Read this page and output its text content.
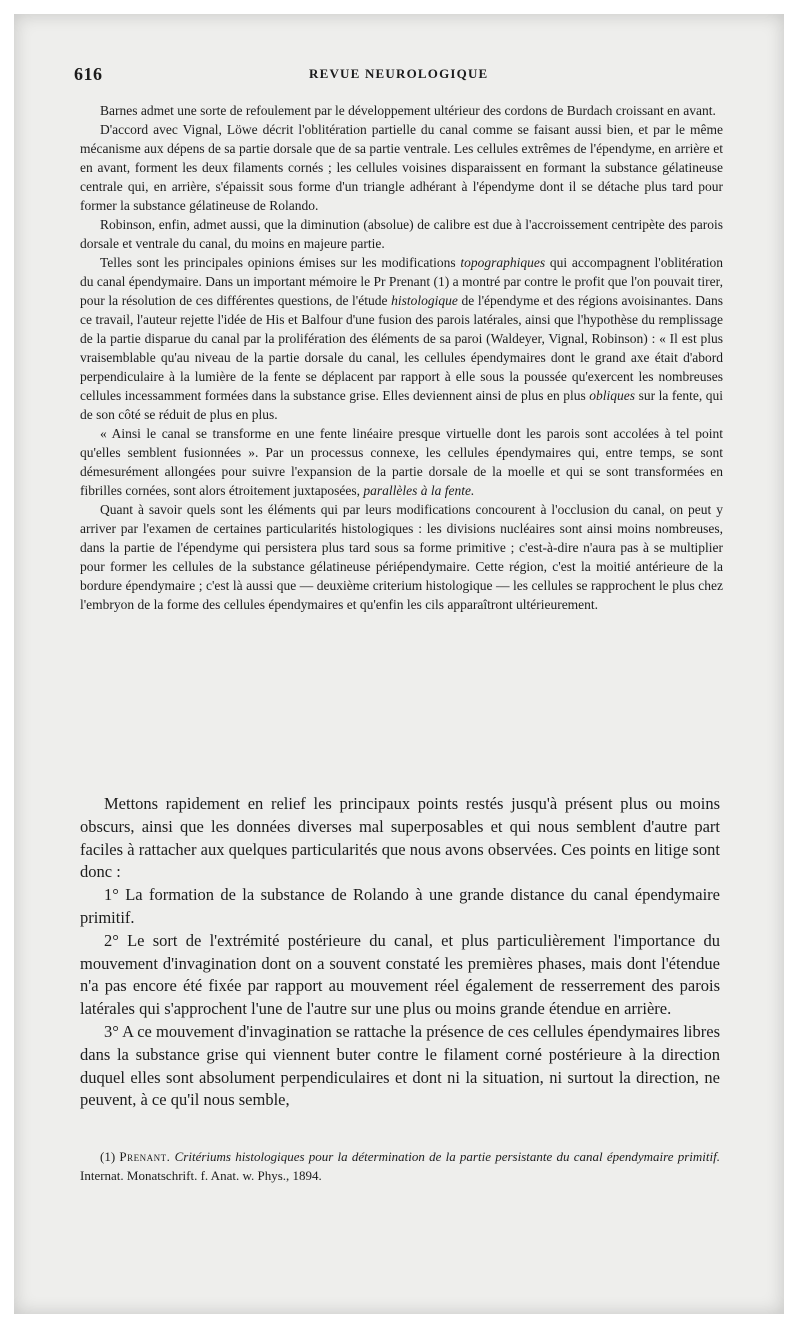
616	REVUE NEUROLOGIQUE

Barnes admet une sorte de refoulement par le développement ultérieur des cordons de Burdach croissant en avant.

D'accord avec Vignal, Löwe décrit l'oblitération partielle du canal comme se faisant aussi bien, et par le même mécanisme aux dépens de sa partie dorsale que de sa partie ventrale. Les cellules extrêmes de l'épendyme, en arrière et en avant, forment les deux filaments cornés ; les cellules voisines disparaissent en formant la substance gélatineuse centrale qui, en arrière, s'épaissit sous forme d'un triangle adhérant à l'épendyme dont il se détache plus tard pour former la substance gélatineuse de Rolando.

Robinson, enfin, admet aussi, que la diminution (absolue) de calibre est due à l'accroissement centripète des parois dorsale et ventrale du canal, du moins en majeure partie.

Telles sont les principales opinions émises sur les modifications topographiques qui accompagnent l'oblitération du canal épendymaire. Dans un important mémoire le Pr Prenant (1) a montré par contre le profit que l'on pouvait tirer, pour la résolution de ces différentes questions, de l'étude histologique de l'épendyme et des régions avoisinantes. Dans ce travail, l'auteur rejette l'idée de His et Balfour d'une fusion des parois latérales, ainsi que l'hypothèse du remplissage de la partie disparue du canal par la prolifération des éléments de sa paroi (Waldeyer, Vignal, Robinson) : « Il est plus vraisemblable qu'au niveau de la partie dorsale du canal, les cellules épendymaires dont le grand axe était d'abord perpendiculaire à la lumière de la fente se déplacent par rapport à elle sous la poussée qu'exercent les nombreuses cellules incessamment formées dans la substance grise. Elles deviennent ainsi de plus en plus obliques sur la fente, qui de son côté se réduit de plus en plus.

« Ainsi le canal se transforme en une fente linéaire presque virtuelle dont les parois sont accolées à tel point qu'elles semblent fusionnées ». Par un processus connexe, les cellules épendymaires qui, entre temps, se sont démesurément allongées pour suivre l'expansion de la partie dorsale de la moelle et qui se sont transformées en fibrilles cornées, sont alors étroitement juxtaposées, parallèles à la fente.

Quant à savoir quels sont les éléments qui par leurs modifications concourent à l'occlusion du canal, on peut y arriver par l'examen de certaines particularités histologiques : les divisions nucléaires sont ainsi moins nombreuses, dans la partie de l'épendyme qui persistera plus tard sous sa forme primitive ; c'est-à-dire n'aura pas à se multiplier pour former les cellules de la substance gélatineuse périépendymaire. Cette région, c'est la moitié antérieure de la bordure épendymaire ; c'est là aussi que — deuxième criterium histologique — les cellules se rapprochent le plus chez l'embryon de la forme des cellules épendymaires et qu'enfin les cils apparaîtront ultérieurement.

Mettons rapidement en relief les principaux points restés jusqu'à présent plus ou moins obscurs, ainsi que les données diverses mal superposables et qui nous semblent d'autre part faciles à rattacher aux quelques particularités que nous avons observées. Ces points en litige sont donc :

1° La formation de la substance de Rolando à une grande distance du canal épendymaire primitif.

2° Le sort de l'extrémité postérieure du canal, et plus particulièrement l'importance du mouvement d'invagination dont on a souvent constaté les premières phases, mais dont l'étendue n'a pas encore été fixée par rapport au mouvement réel également de resserrement des parois latérales qui s'approchent l'une de l'autre sur une plus ou moins grande étendue en arrière.

3° A ce mouvement d'invagination se rattache la présence de ces cellules épendymaires libres dans la substance grise qui viennent buter contre le filament corné postérieure à la direction duquel elles sont absolument perpendiculaires et dont ni la situation, ni surtout la direction, ne peuvent, à ce qu'il nous semble,

(1) Prenant. Critériums histologiques pour la détermination de la partie persistante du canal épendymaire primitif. Internat. Monatschrift. f. Anat. w. Phys., 1894.
